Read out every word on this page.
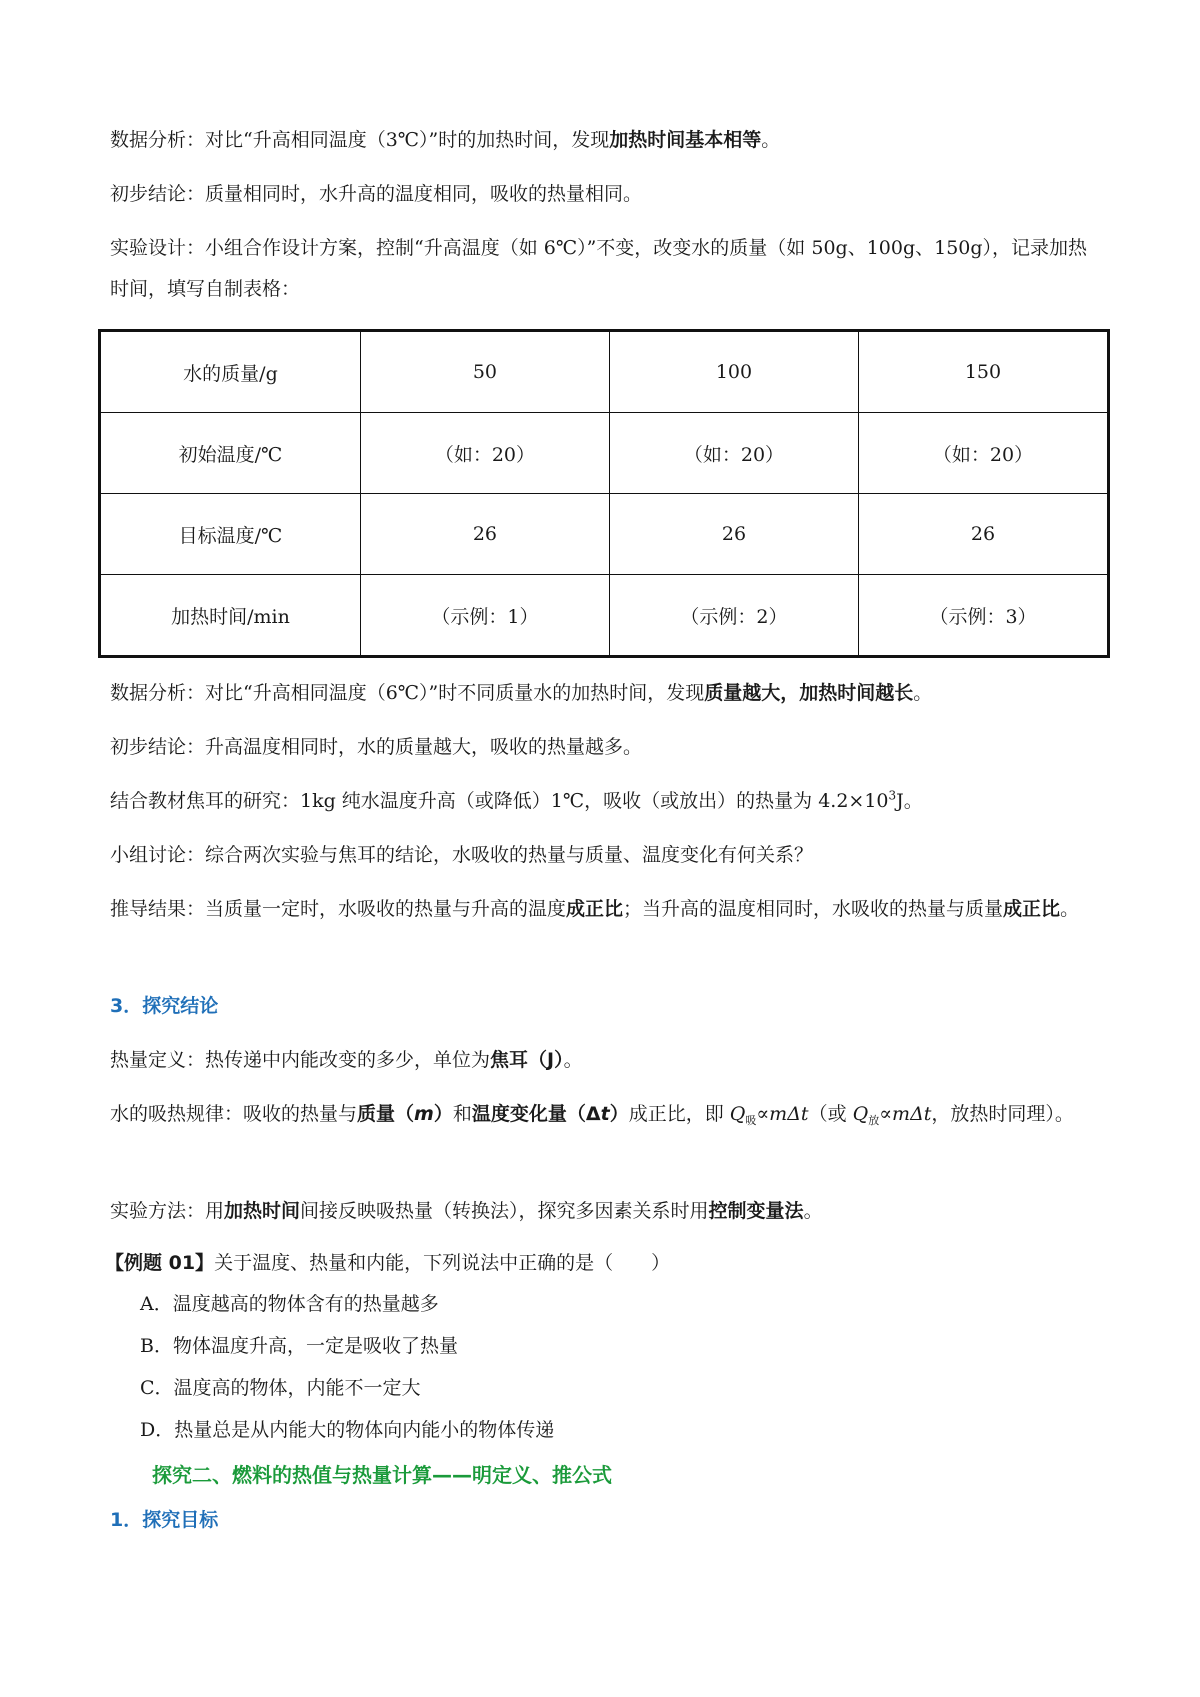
数据分析：对比“升高相同温度（3℃）”时的加热时间，发现加热时间基本相等。
初步结论：质量相同时，水升高的温度相同，吸收的热量相同。
实验设计：小组合作设计方案，控制“升高温度（如 6℃）”不变，改变水的质量（如 50g、100g、150g），记录加热时间，填写自制表格：
水的质量/g	50	100	150
初始温度/℃	（如：20）	（如：20）	（如：20）
目标温度/℃	26	26	26
加热时间/min	（示例：1）	（示例：2）	（示例：3）
数据分析：对比“升高相同温度（6℃）”时不同质量水的加热时间，发现质量越大，加热时间越长。
初步结论：升高温度相同时，水的质量越大，吸收的热量越多。
结合教材焦耳的研究：1kg 纯水温度升高（或降低）1℃，吸收（或放出）的热量为 $4.2\times 10^3J$。
小组讨论：综合两次实验与焦耳的结论，水吸收的热量与质量、温度变化有何关系？
推导结果：当质量一定时，水吸收的热量与升高的温度成正比；当升高的温度相同时，水吸收的热量与质量成正比。
3．探究结论
热量定义：热传递中内能改变的多少，单位为焦耳（J）。
水的吸热规律：吸收的热量与质量（m）和温度变化量（Δt）成正比，即 $Q_吸\propto m\Delta t$（或 $Q_放\propto m\Delta t$，放热时同理）。
实验方法：用加热时间间接反映吸热量（转换法），探究多因素关系时用控制变量法。
【例题 01】关于温度、热量和内能，下列说法中正确的是（　　）
A．温度越高的物体含有的热量越多
B．物体温度升高，一定是吸收了热量
C．温度高的物体，内能不一定大
D．热量总是从内能大的物体向内能小的物体传递
探究二、燃料的热值与热量计算——明定义、推公式
1．探究目标
